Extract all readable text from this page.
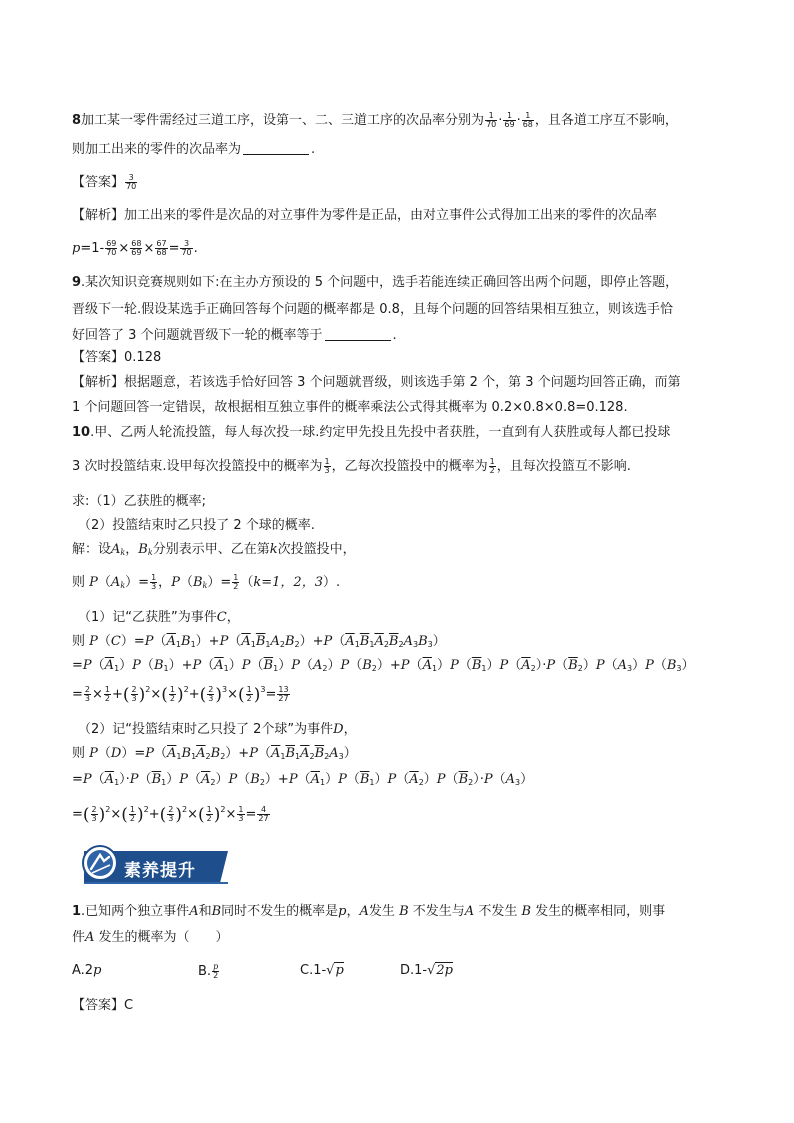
8加工某一零件需经过三道工序，设第一、二、三道工序的次品率分别为 $\frac{1}{70} \cdot \frac{1}{69} \cdot \frac{1}{68}$ ，且各道工序互不影响，
则加工出来的零件的次品率为	.
【答案】 $\frac{3}{70}$
【解析】加工出来的零件是次品的对立事件为零件是正品，由对立事件公式得加工出来的零件的次品率
$p=1- \frac{69}{70} \times \frac{68}{69} \times \frac{67}{68} = \frac{3}{70}$ .
9.某次知识竞赛规则如下:在主办方预设的 5 个问题中，选手若能连续正确回答出两个问题，即停止答题，
晋级下一轮.假设某选手正确回答每个问题的概率都是 0.8，且每个问题的回答结果相互独立，则该选手恰
好回答了 3 个问题就晋级下一轮的概率等于	.
【答案】0.128
【解析】根据题意，若该选手恰好回答 3 个问题就晋级，则该选手第 2 个，第 3 个问题均回答正确，而第
1 个问题回答一定错误，故根据相互独立事件的概率乘法公式得其概率为 0.2×0.8×0.8=0.128.
10.甲、乙两人轮流投篮，每人每次投一球.约定甲先投且先投中者获胜，一直到有人获胜或每人都已投球
3 次时投篮结束.设甲每次投篮投中的概率为 $\frac{1}{3}$ ，乙每次投篮投中的概率为 $\frac{1}{2}$ ，且每次投篮互不影响.
求:（1）乙获胜的概率;
（2）投篮结束时乙只投了 2 个球的概率.
解：设$A_k$，$B_k$分别表示甲、乙在第k次投篮投中，
则 $P(A_k)= \frac{1}{3}$ ，$P(B_k)= \frac{1}{2} (k=1$，2，3）.
（1）记“乙获胜”为事件C，
则 $P(C)=P(\overline{A}_1B_1)+P(\overline{A}_1\overline{B}_1A_2B_2)+P(\overline{A}_1\overline{B}_1\overline{A}_2\overline{B}_2A_3B_3)$
$=P(\overline{A}_1)P(B_1)+P(\overline{A}_1)P(\overline{B}_1)P(A_2)P(B_2)+P(\overline{A}_1)P(\overline{B}_1)P(\overline{A}_2)\cdot P(\overline{B}_2)P(A_3)P(B_3)$
= $\frac{2}{3} \times \frac{1}{2}$ +( $\frac{2}{3} )^2\times( \frac{1}{2} )^2+( \frac{2}{3} )^3\times( \frac{1}{2} )^3= \frac{13}{27}$
（2）记“投篮结束时乙只投了 2个球”为事件D，
则 $P(D)=P(\overline{A}_1B_1\overline{A}_2B_2)+P(\overline{A}_1\overline{B}_1\overline{A}_2\overline{B}_2A_3)$
$=P(\overline{A}_1)\cdot P(\overline{B}_1)P(\overline{A}_2)P(B_2)+P(\overline{A}_1)P(\overline{B}_1)P(\overline{A}_2)P(\overline{B}_2)\cdot P(A_3)$
=( $\frac{2}{3} )^2\times( \frac{1}{2} )^2+( \frac{2}{3} )^2\times( \frac{1}{2} )^2\times \frac{1}{3} = \frac{4}{27}$
素养提升
1.已知两个独立事件A和B同时不发生的概率是p，A发生 B 不发生与A 不发生 B 发生的概率相同，则事
件A 发生的概率为（　　）
A.2p	B. $\frac{p}{2}$	C.1-√p	D.1-√2p
【答案】C
